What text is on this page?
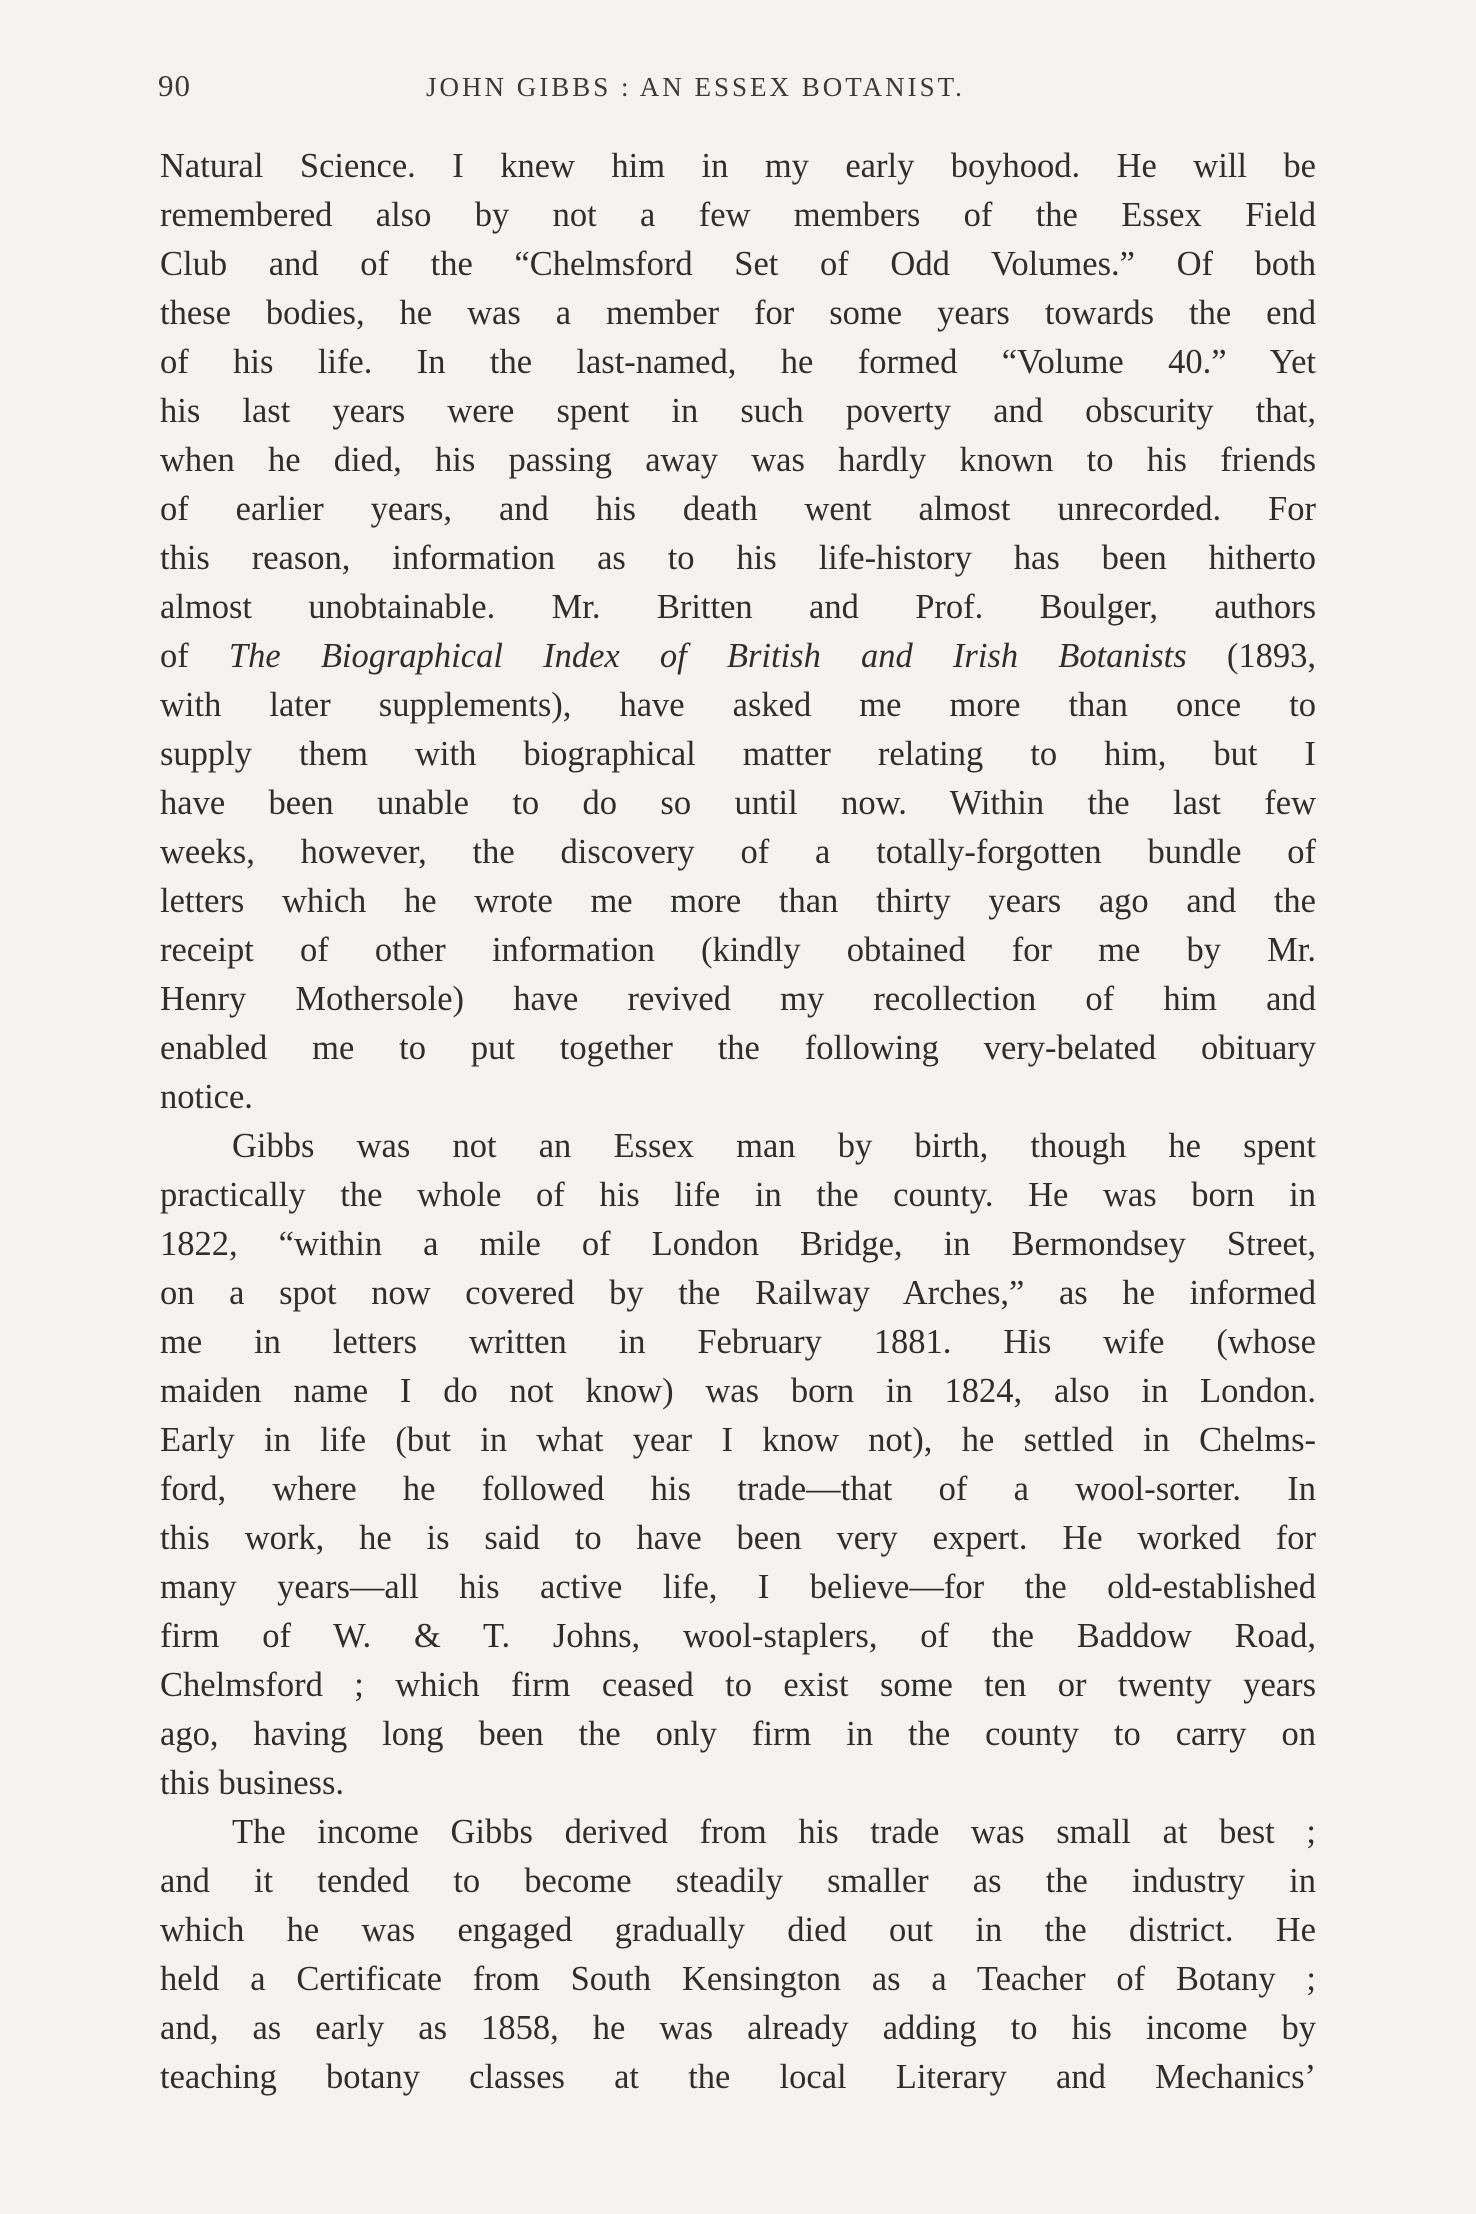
90	JOHN GIBBS : AN ESSEX BOTANIST.
Natural Science. I knew him in my early boyhood. He will be
remembered also by not a few members of the Essex Field
Club and of the “Chelmsford Set of Odd Volumes.” Of both
these bodies, he was a member for some years towards the end
of his life. In the last-named, he formed “Volume 40.” Yet
his last years were spent in such poverty and obscurity that,
when he died, his passing away was hardly known to his friends
of earlier years, and his death went almost unrecorded. For
this reason, information as to his life-history has been hitherto
almost unobtainable. Mr. Britten and Prof. Boulger, authors
of The Biographical Index of British and Irish Botanists (1893,
with later supplements), have asked me more than once to
supply them with biographical matter relating to him, but I
have been unable to do so until now. Within the last few
weeks, however, the discovery of a totally-forgotten bundle of
letters which he wrote me more than thirty years ago and the
receipt of other information (kindly obtained for me by Mr.
Henry Mothersole) have revived my recollection of him and
enabled me to put together the following very-belated obituary
notice.
Gibbs was not an Essex man by birth, though he spent
practically the whole of his life in the county. He was born in
1822, “within a mile of London Bridge, in Bermondsey Street,
on a spot now covered by the Railway Arches,” as he informed
me in letters written in February 1881. His wife (whose
maiden name I do not know) was born in 1824, also in London.
Early in life (but in what year I know not), he settled in Chelms-
ford, where he followed his trade—that of a wool-sorter. In
this work, he is said to have been very expert. He worked for
many years—all his active life, I believe—for the old-established
firm of W. & T. Johns, wool-staplers, of the Baddow Road,
Chelmsford ; which firm ceased to exist some ten or twenty years
ago, having long been the only firm in the county to carry on
this business.
The income Gibbs derived from his trade was small at best ;
and it tended to become steadily smaller as the industry in
which he was engaged gradually died out in the district. He
held a Certificate from South Kensington as a Teacher of Botany ;
and, as early as 1858, he was already adding to his income by
teaching botany classes at the local Literary and Mechanics’
